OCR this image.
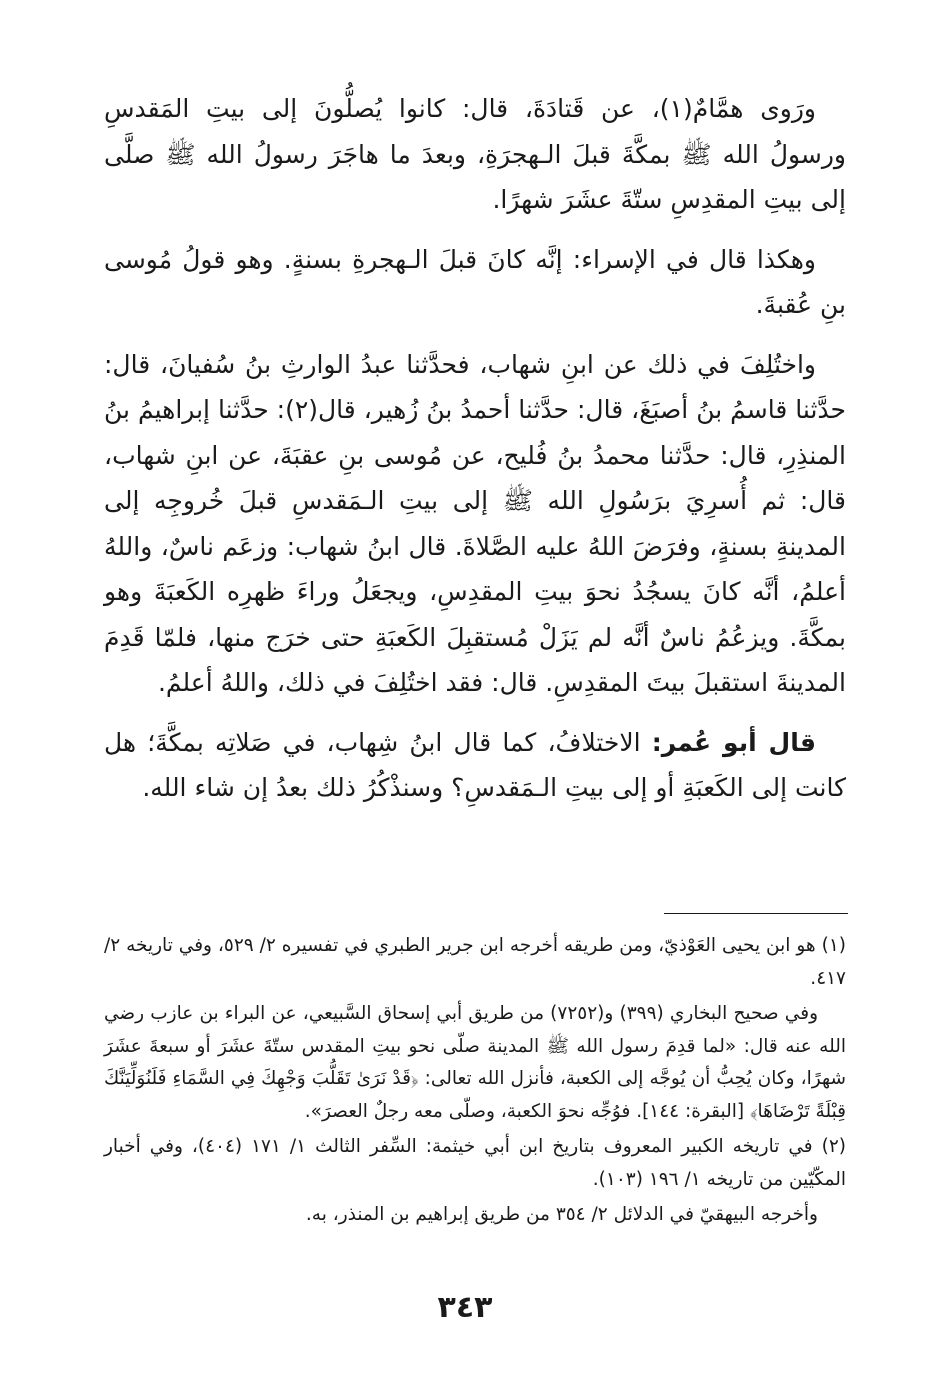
ورَوى همَّامٌ(١)، عن قَتادَةَ، قال: كانوا يُصلُّونَ إلى بيتِ المَقدسِ ورسولُ الله ﷺ بمكَّةَ قبلَ الـهجرَةِ، وبعدَ ما هاجَرَ رسولُ الله ﷺ صلَّى إلى بيتِ المقدِسِ ستّةَ عشَرَ شهرًا.

وهكذا قال في الإسراء: إنَّه كانَ قبلَ الـهجرةِ بسنةٍ. وهو قولُ مُوسى بنِ عُقبةَ.

واختُلِفَ في ذلك عن ابنِ شهاب، فحدَّثنا عبدُ الوارثِ بنُ سُفيانَ، قال: حدَّثنا قاسمُ بنُ أصبَغَ، قال: حدَّثنا أحمدُ بنُ زُهير، قال(٢): حدَّثنا إبراهيمُ بنُ المنذِرِ، قال: حدَّثنا محمدُ بنُ فُليح، عن مُوسى بنِ عقبَةَ، عن ابنِ شهاب، قال: ثم أُسرِيَ برَسُولِ الله ﷺ إلى بيتِ الـمَقدسِ قبلَ خُروجِه إلى المدينةِ بسنةٍ، وفرَضَ اللهُ عليه الصَّلاةَ. قال ابنُ شهاب: وزعَم ناسٌ، واللهُ أعلمُ، أنَّه كانَ يسجُدُ نحوَ بيتِ المقدِسِ، ويجعَلُ وراءَ ظهرِه الكَعبَةَ وهو بمكَّةَ. ويزعُمُ ناسٌ أنَّه لم يَزَلْ مُستقبِلَ الكَعبَةِ حتى خرَج منها، فلمّا قَدِمَ المدينةَ استقبلَ بيتَ المقدِسِ. قال: فقد اختُلِفَ في ذلك، واللهُ أعلمُ.

قال أبو عُمر: الاختلافُ، كما قال ابنُ شِهاب، في صَلاتِه بمكَّةَ؛ هل كانت إلى الكَعبَةِ أو إلى بيتِ الـمَقدسِ؟ وسنذْكُرُ ذلك بعدُ إن شاء الله.

(١) هو ابن يحيى العَوْذيّ، ومن طريقه أخرجه ابن جرير الطبري في تفسيره ٢/ ٥٢٩، وفي تاريخه ٢/ ٤١٧.

وفي صحيح البخاري (٣٩٩) و(٧٢٥٢) من طريق أبي إسحاق السَّبيعي، عن البراء بن عازب رضي الله عنه قال: «لما قدِمَ رسول الله ﷺ المدينة صلّى نحو بيتِ المقدس ستّةَ عشَرَ أو سبعةَ عشَرَ شهرًا، وكان يُحِبُّ أن يُوجَّه إلى الكعبة، فأنزل الله تعالى: ﴿قَدْ نَرَىٰ تَقَلُّبَ وَجْهِكَ فِي السَّمَاءِ فَلَنُوَلِّيَنَّكَ قِبْلَةً تَرْضَاهَا﴾ [البقرة: ١٤٤]. فوُجِّه نحوَ الكعبة، وصلّى معه رجلٌ العصرَ».

(٢) في تاريخه الكبير المعروف بتاريخ ابن أبي خيثمة: السِّفر الثالث ١/ ١٧١ (٤٠٤)، وفي أخبار المكّيّين من تاريخه ١/ ١٩٦ (١٠٣).

وأخرجه البيهقيّ في الدلائل ٢/ ٣٥٤ من طريق إبراهيم بن المنذر، به.

٣٤٣
